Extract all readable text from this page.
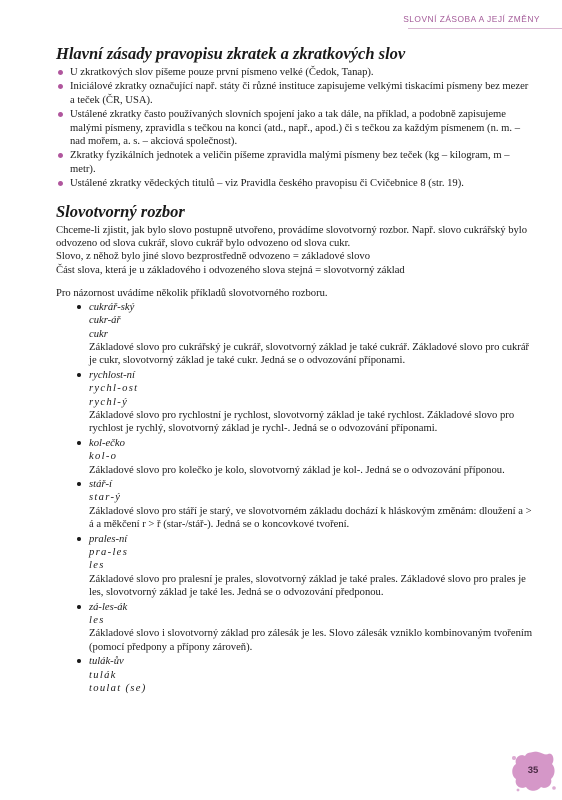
SLOVNÍ ZÁSOBA A JEJÍ ZMĚNY
Hlavní zásady pravopisu zkratek a zkratkových slov
U zkratkových slov píšeme pouze první písmeno velké (Čedok, Tanap).
Iniciálové zkratky označující např. státy či různé instituce zapisujeme velkými tiskacími písmeny bez mezer a teček (ČR, USA).
Ustálené zkratky často používaných slovních spojení jako a tak dále, na příklad, a podobně zapisujeme malými písmeny, zpravidla s tečkou na konci (atd., např., apod.) či s tečkou za každým písmenem (n. m. – nad mořem, a. s. – akciová společnost).
Zkratky fyzikálních jednotek a veličin píšeme zpravidla malými písmeny bez teček (kg – kilogram, m – metr).
Ustálené zkratky vědeckých titulů – viz Pravidla českého pravopisu či Cvičebnice 8 (str. 19).
Slovotvorný rozbor

Chceme-li zjistit, jak bylo slovo postupně utvořeno, provádíme slovotvorný rozbor. Např. slovo cukrářský bylo odvozeno od slova cukrář, slovo cukrář bylo odvozeno od slova cukr.

Slovo, z něhož bylo jiné slovo bezprostředně odvozeno = základové slovo

Část slova, která je u základového i odvozeného slova stejná = slovotvorný základ

Pro názornost uvádíme několik příkladů slovotvorného rozboru.

cukrář-ský
cukr-ář
cukr
Základové slovo pro cukrářský je cukrář, slovotvorný základ je také cukrář. Základové slovo pro cukrář je cukr, slovotvorný základ je také cukr. Jedná se o odvozování příponami.
rychlost-ní
rychl-ost
rychl-ý
Základové slovo pro rychlostní je rychlost, slovotvorný základ je také rychlost. Základové slovo pro rychlost je rychlý, slovotvorný základ je rychl-. Jedná se o odvozování příponami.
kol-ečko
kol-o
Základové slovo pro kolečko je kolo, slovotvorný základ je kol-. Jedná se o odvozování příponou.
stář-í
star-ý
Základové slovo pro stáří je starý, ve slovotvorném základu dochází k hláskovým změnám: dloužení a > á a měkčení r > ř (star-/stář-). Jedná se o koncovkové tvoření.
prales-ní
pra-les
les
Základové slovo pro pralesní je prales, slovotvorný základ je také prales. Základové slovo pro prales je les, slovotvorný základ je také les. Jedná se o odvozování předponou.
zá-les-ák
les
Základové slovo i slovotvorný základ pro zálesák je les. Slovo zálesák vzniklo kombinovaným tvořením (pomocí předpony a přípony zároveň).
tulák-ův
tulák
toulat (se)
35
